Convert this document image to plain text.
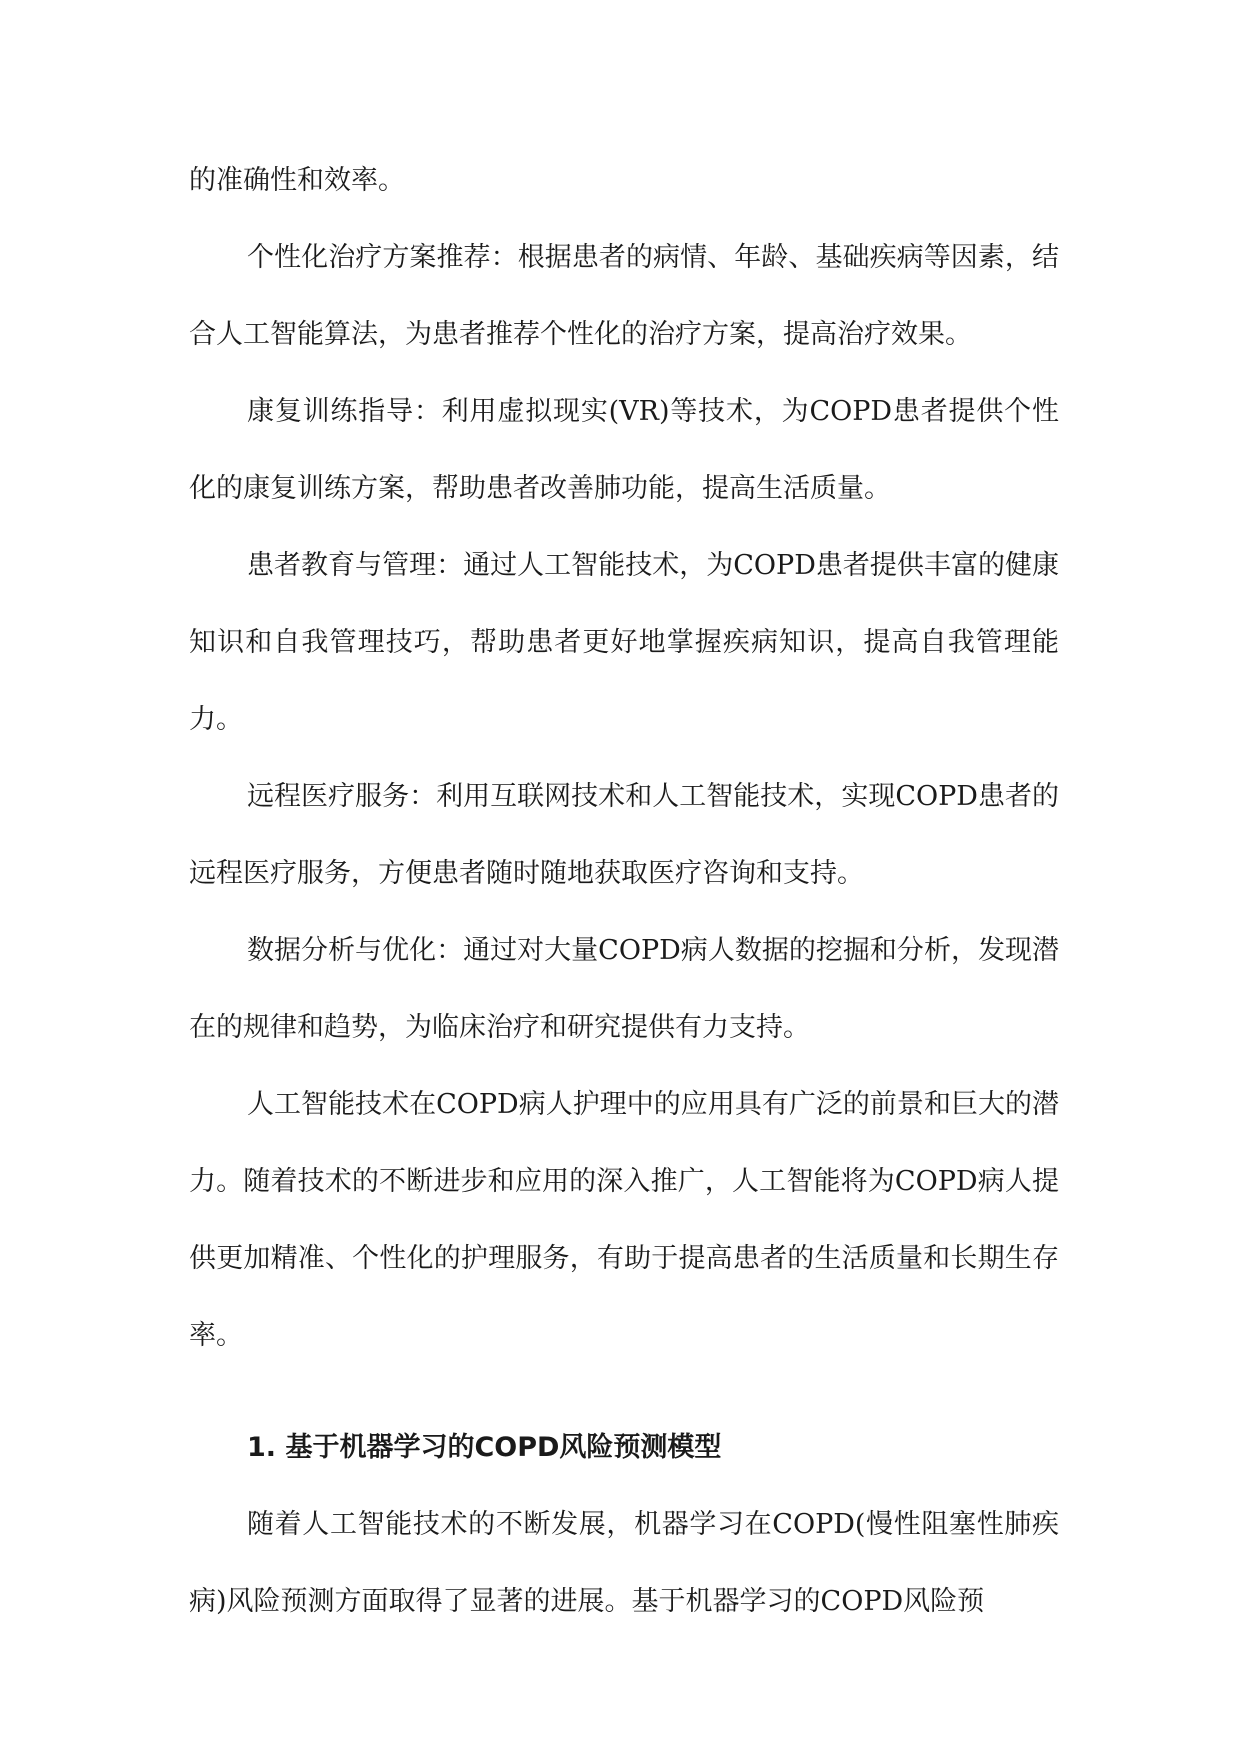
的准确性和效率。

个性化治疗方案推荐：根据患者的病情、年龄、基础疾病等因素，结合人工智能算法，为患者推荐个性化的治疗方案，提高治疗效果。

康复训练指导：利用虚拟现实(VR)等技术，为COPD患者提供个性化的康复训练方案，帮助患者改善肺功能，提高生活质量。

患者教育与管理：通过人工智能技术，为COPD患者提供丰富的健康知识和自我管理技巧，帮助患者更好地掌握疾病知识，提高自我管理能力。

远程医疗服务：利用互联网技术和人工智能技术，实现COPD患者的远程医疗服务，方便患者随时随地获取医疗咨询和支持。

数据分析与优化：通过对大量COPD病人数据的挖掘和分析，发现潜在的规律和趋势，为临床治疗和研究提供有力支持。

人工智能技术在COPD病人护理中的应用具有广泛的前景和巨大的潜力。随着技术的不断进步和应用的深入推广，人工智能将为COPD病人提供更加精准、个性化的护理服务，有助于提高患者的生活质量和长期生存率。

1. 基于机器学习的COPD风险预测模型

随着人工智能技术的不断发展，机器学习在COPD(慢性阻塞性肺疾病)风险预测方面取得了显著的进展。基于机器学习的COPD风险预
